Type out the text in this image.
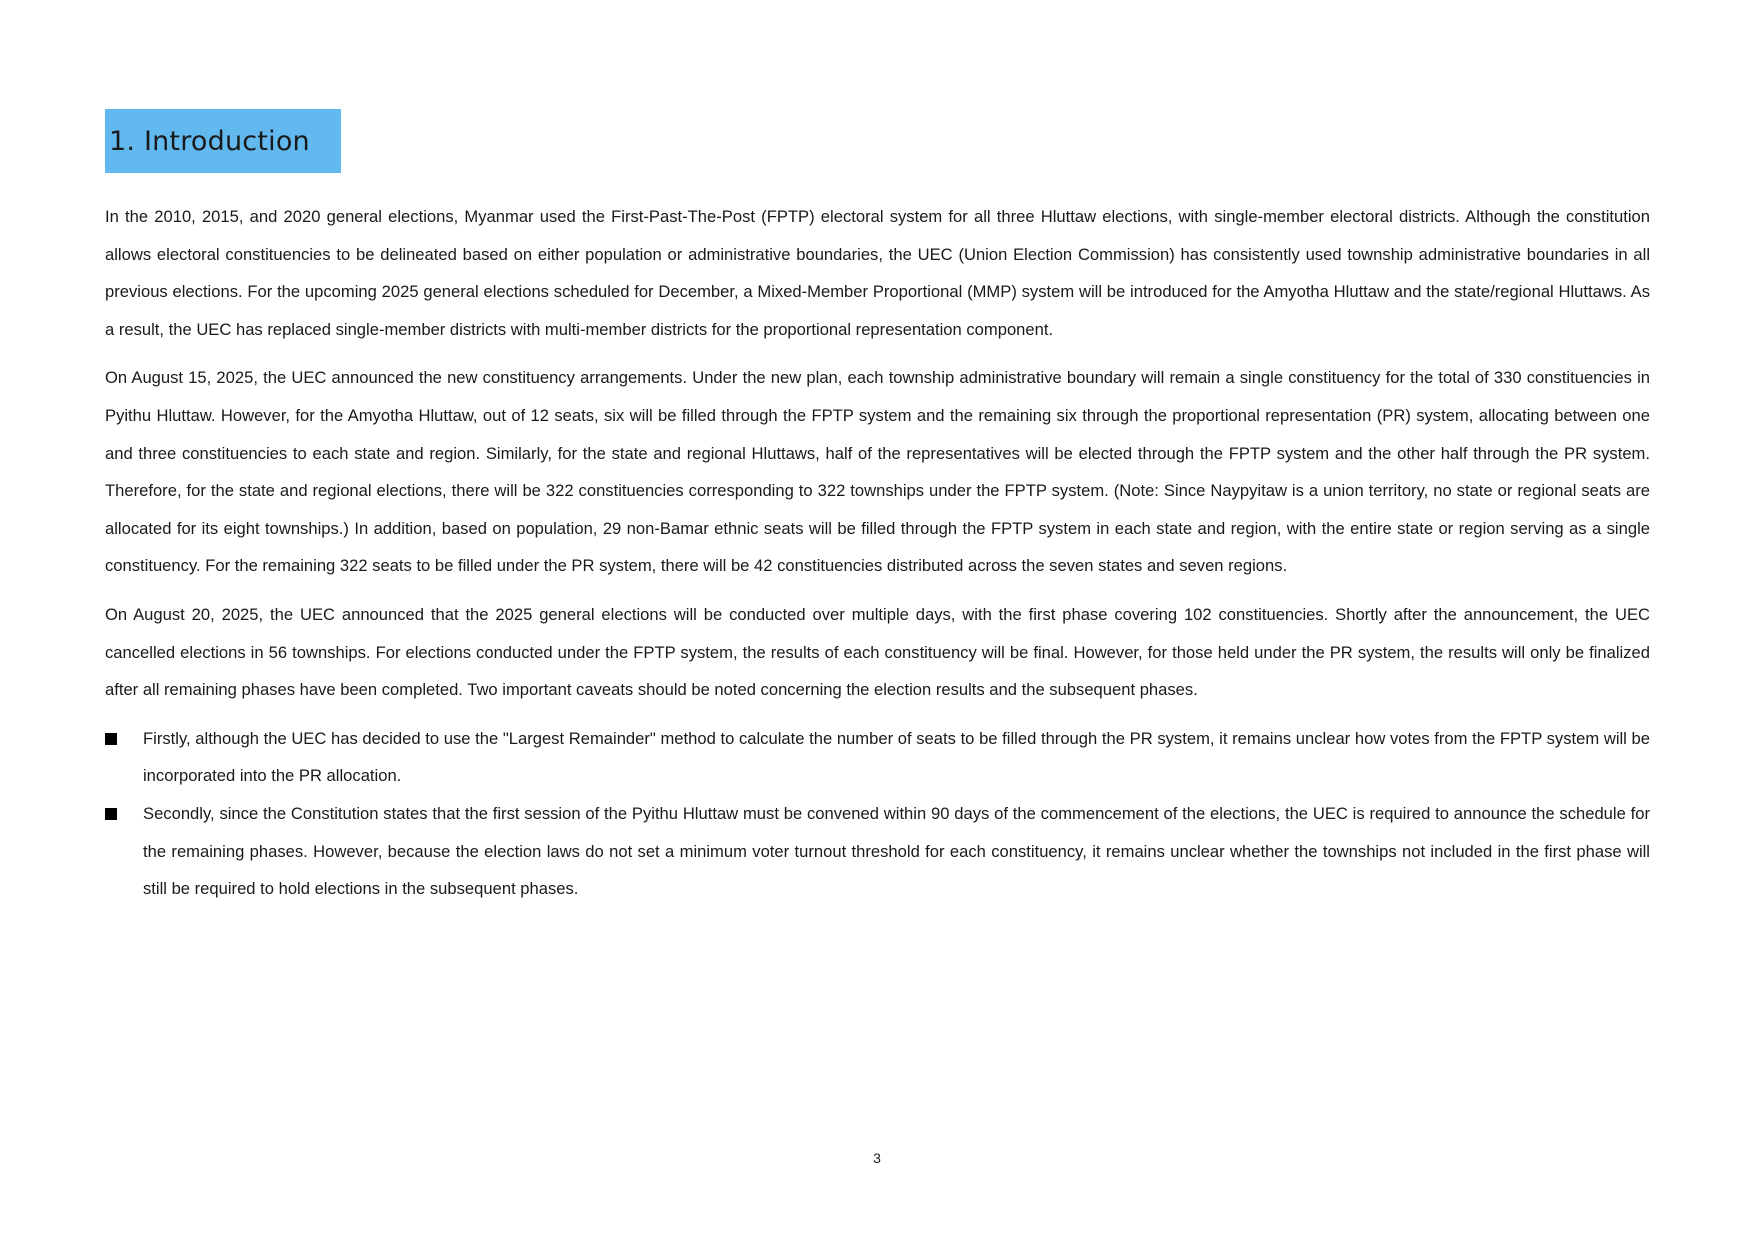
1. Introduction

In the 2010, 2015, and 2020 general elections, Myanmar used the First-Past-The-Post (FPTP) electoral system for all three Hluttaw elections, with single-member electoral districts. Although the constitution allows electoral constituencies to be delineated based on either population or administrative boundaries, the UEC (Union Election Commission) has consistently used township administrative boundaries in all previous elections. For the upcoming 2025 general elections scheduled for December, a Mixed-Member Proportional (MMP) system will be introduced for the Amyotha Hluttaw and the state/regional Hluttaws. As a result, the UEC has replaced single-member districts with multi-member districts for the proportional representation component.

On August 15, 2025, the UEC announced the new constituency arrangements. Under the new plan, each township administrative boundary will remain a single constituency for the total of 330 constituencies in Pyithu Hluttaw. However, for the Amyotha Hluttaw, out of 12 seats, six will be filled through the FPTP system and the remaining six through the proportional representation (PR) system, allocating between one and three constituencies to each state and region. Similarly, for the state and regional Hluttaws, half of the representatives will be elected through the FPTP system and the other half through the PR system. Therefore, for the state and regional elections, there will be 322 constituencies corresponding to 322 townships under the FPTP system. (Note: Since Naypyitaw is a union territory, no state or regional seats are allocated for its eight townships.) In addition, based on population, 29 non-Bamar ethnic seats will be filled through the FPTP system in each state and region, with the entire state or region serving as a single constituency. For the remaining 322 seats to be filled under the PR system, there will be 42 constituencies distributed across the seven states and seven regions.

On August 20, 2025, the UEC announced that the 2025 general elections will be conducted over multiple days, with the first phase covering 102 constituencies. Shortly after the announcement, the UEC cancelled elections in 56 townships. For elections conducted under the FPTP system, the results of each constituency will be final. However, for those held under the PR system, the results will only be finalized after all remaining phases have been completed. Two important caveats should be noted concerning the election results and the subsequent phases.

Firstly, although the UEC has decided to use the "Largest Remainder" method to calculate the number of seats to be filled through the PR system, it remains unclear how votes from the FPTP system will be incorporated into the PR allocation.
Secondly, since the Constitution states that the first session of the Pyithu Hluttaw must be convened within 90 days of the commencement of the elections, the UEC is required to announce the schedule for the remaining phases. However, because the election laws do not set a minimum voter turnout threshold for each constituency, it remains unclear whether the townships not included in the first phase will still be required to hold elections in the subsequent phases.
3
